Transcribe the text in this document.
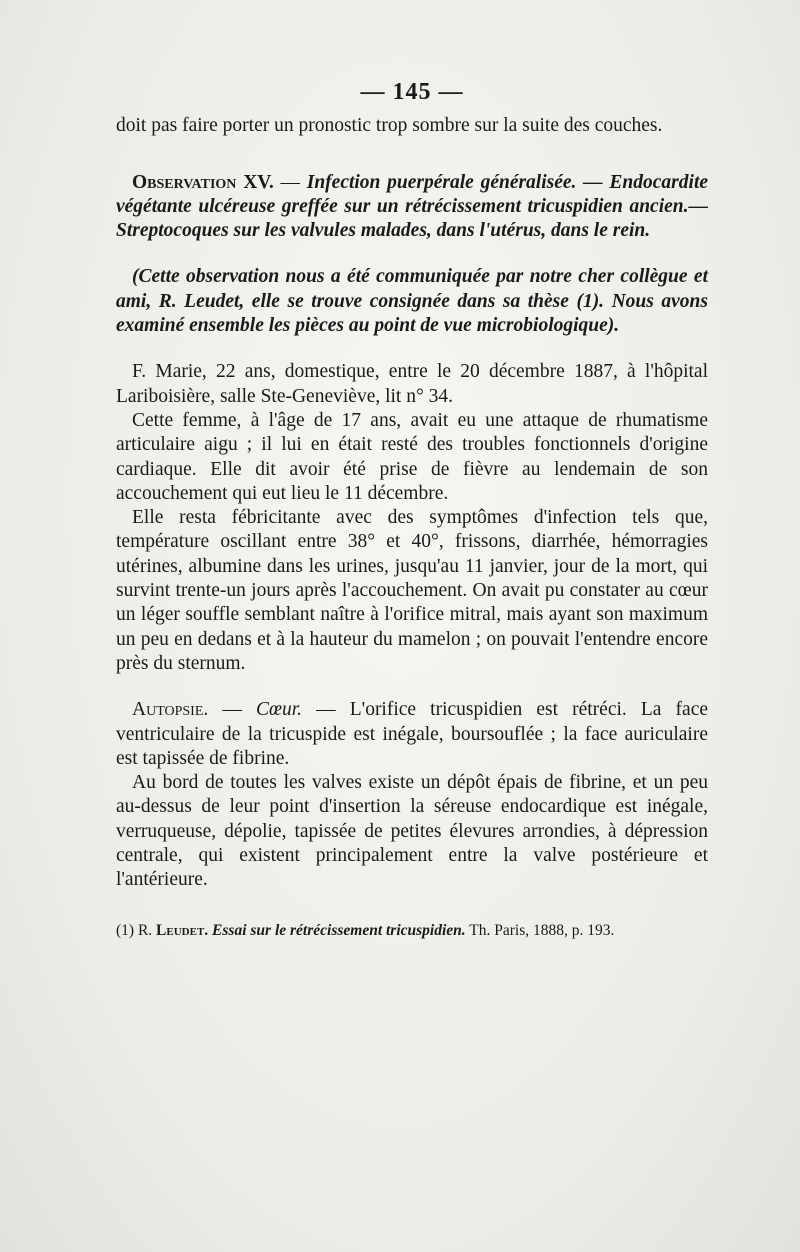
— 145 —

doit pas faire porter un pronostic trop sombre sur la suite des couches.

Observation XV. — Infection puerpérale généralisée. — Endocardite végétante ulcéreuse greffée sur un rétrécissement tricuspidien ancien.— Streptocoques sur les valvules malades, dans l'utérus, dans le rein.

(Cette observation nous a été communiquée par notre cher collègue et ami, R. Leudet, elle se trouve consignée dans sa thèse (1). Nous avons examiné ensemble les pièces au point de vue microbiologique).

F. Marie, 22 ans, domestique, entre le 20 décembre 1887, à l'hôpital Lariboisière, salle Ste-Geneviève, lit n° 34.

Cette femme, à l'âge de 17 ans, avait eu une attaque de rhumatisme articulaire aigu ; il lui en était resté des troubles fonctionnels d'origine cardiaque. Elle dit avoir été prise de fièvre au lendemain de son accouchement qui eut lieu le 11 décembre.

Elle resta fébricitante avec des symptômes d'infection tels que, température oscillant entre 38° et 40°, frissons, diarrhée, hémorragies utérines, albumine dans les urines, jusqu'au 11 janvier, jour de la mort, qui survint trente-un jours après l'accouchement. On avait pu constater au cœur un léger souffle semblant naître à l'orifice mitral, mais ayant son maximum un peu en dedans et à la hauteur du mamelon ; on pouvait l'entendre encore près du sternum.

Autopsie. — Cœur. — L'orifice tricuspidien est rétréci. La face ventriculaire de la tricuspide est inégale, boursouflée ; la face auriculaire est tapissée de fibrine.

Au bord de toutes les valves existe un dépôt épais de fibrine, et un peu au-dessus de leur point d'insertion la séreuse endocardique est inégale, verruqueuse, dépolie, tapissée de petites élevures arrondies, à dépression centrale, qui existent principalement entre la valve postérieure et l'antérieure.

(1) R. Leudet. Essai sur le rétrécissement tricuspidien. Th. Paris, 1888, p. 193.
